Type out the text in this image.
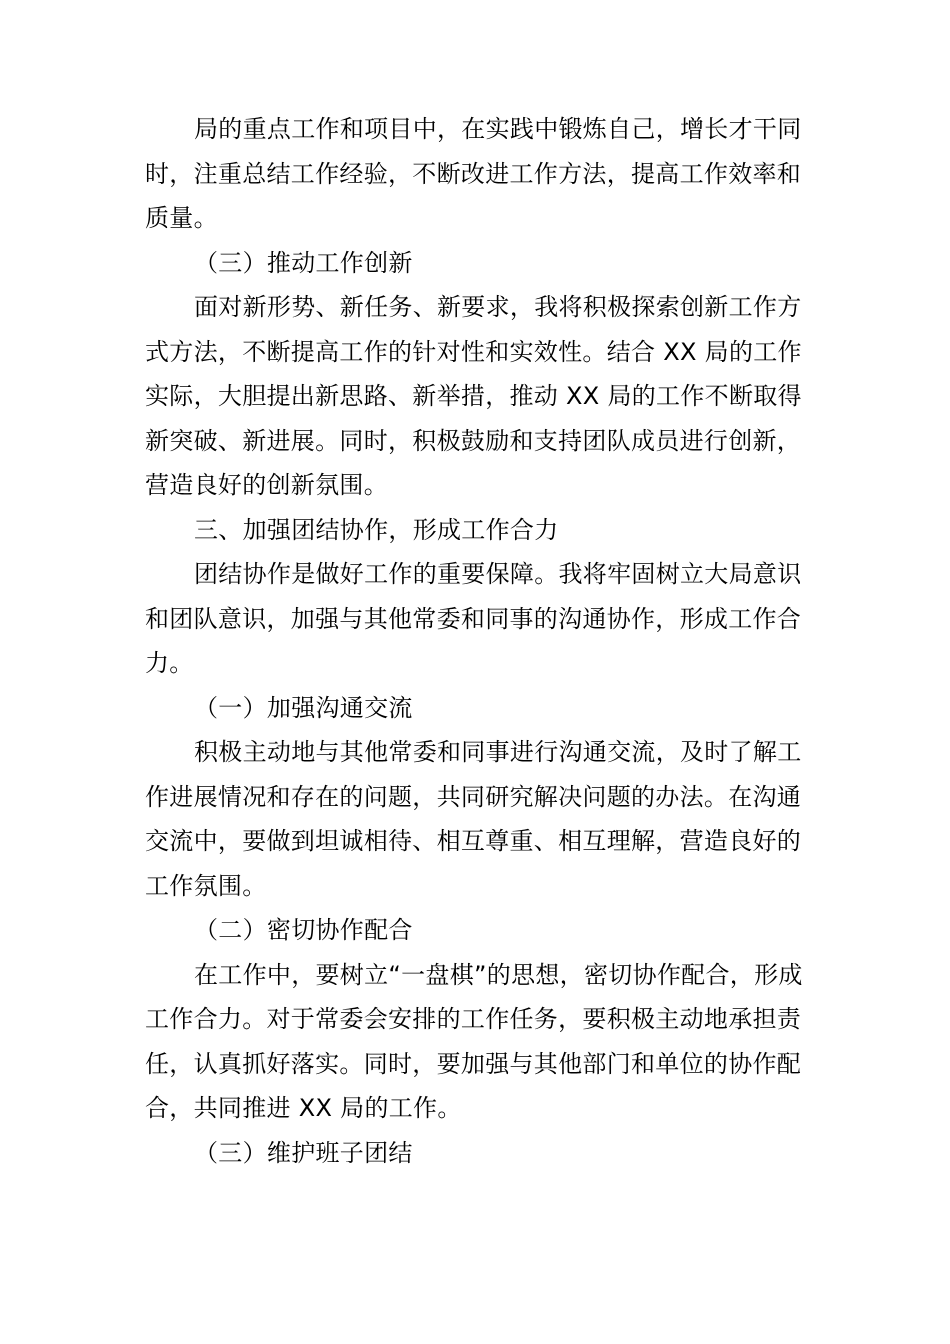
局的重点工作和项目中，在实践中锻炼自己，增长才干同时，注重总结工作经验，不断改进工作方法，提高工作效率和质量。

（三）推动工作创新

面对新形势、新任务、新要求，我将积极探索创新工作方式方法，不断提高工作的针对性和实效性。结合 XX 局的工作实际，大胆提出新思路、新举措，推动 XX 局的工作不断取得新突破、新进展。同时，积极鼓励和支持团队成员进行创新，营造良好的创新氛围。

三、加强团结协作，形成工作合力

团结协作是做好工作的重要保障。我将牢固树立大局意识和团队意识，加强与其他常委和同事的沟通协作，形成工作合力。

（一）加强沟通交流

积极主动地与其他常委和同事进行沟通交流，及时了解工作进展情况和存在的问题，共同研究解决问题的办法。在沟通交流中，要做到坦诚相待、相互尊重、相互理解，营造良好的工作氛围。

（二）密切协作配合

在工作中，要树立“一盘棋”的思想，密切协作配合，形成工作合力。对于常委会安排的工作任务，要积极主动地承担责任，认真抓好落实。同时，要加强与其他部门和单位的协作配合，共同推进 XX 局的工作。

（三）维护班子团结
